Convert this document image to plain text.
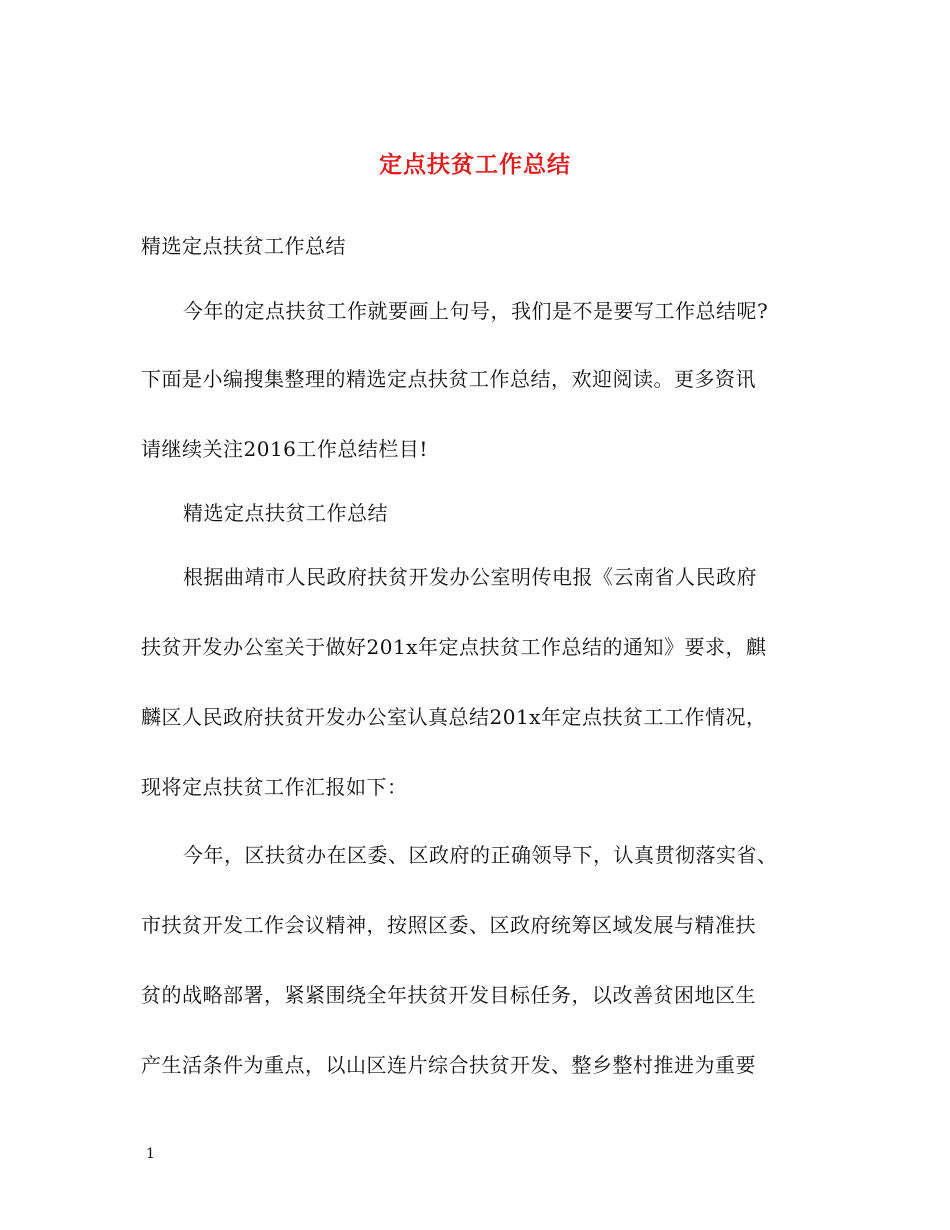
定点扶贫工作总结
精选定点扶贫工作总结
今年的定点扶贫工作就要画上句号，我们是不是要写工作总结呢?
下面是小编搜集整理的精选定点扶贫工作总结，欢迎阅读。更多资讯
请继续关注2016工作总结栏目!
精选定点扶贫工作总结
根据曲靖市人民政府扶贫开发办公室明传电报《云南省人民政府
扶贫开发办公室关于做好201x年定点扶贫工作总结的通知》要求，麒
麟区人民政府扶贫开发办公室认真总结201x年定点扶贫工工作情况，
现将定点扶贫工作汇报如下：
今年，区扶贫办在区委、区政府的正确领导下，认真贯彻落实省、
市扶贫开发工作会议精神，按照区委、区政府统筹区域发展与精准扶
贫的战略部署，紧紧围绕全年扶贫开发目标任务，以改善贫困地区生
产生活条件为重点，以山区连片综合扶贫开发、整乡整村推进为重要
1
